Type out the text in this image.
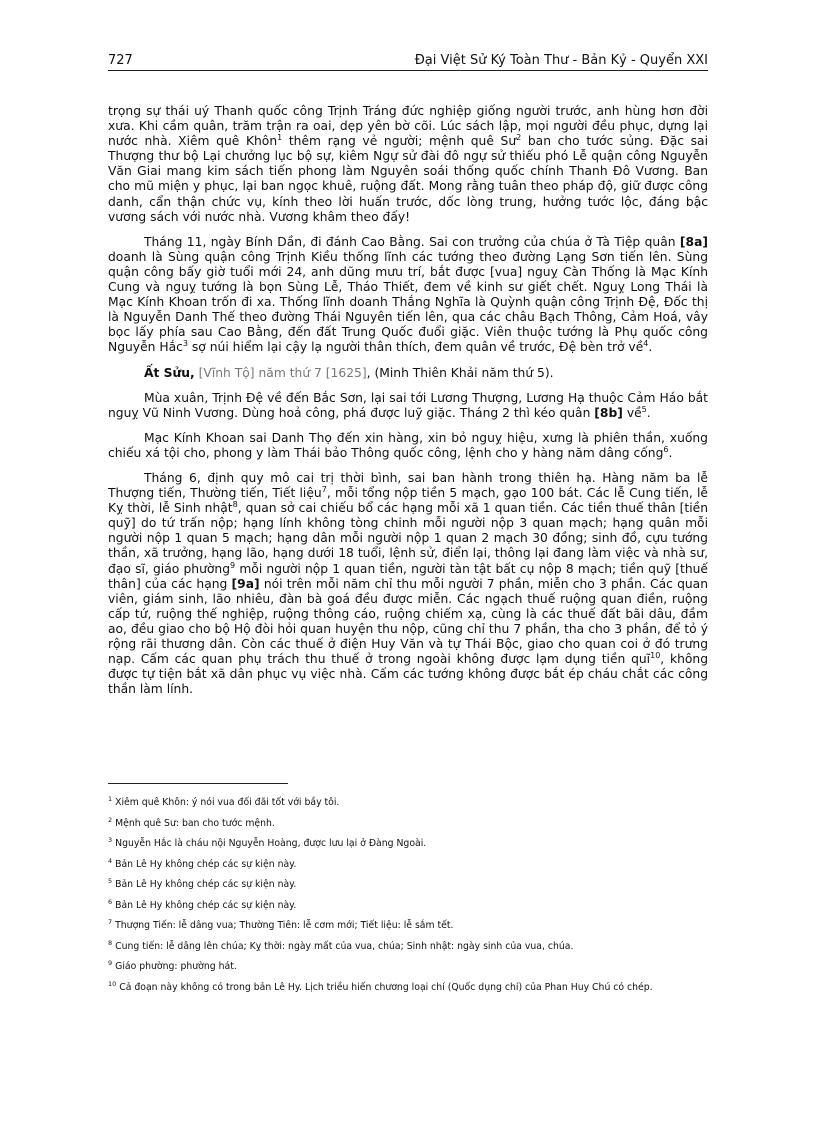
727	Đại Việt Sử Ký Toàn Thư - Bản Kỷ - Quyển XXI

trọng sự thái uý Thanh quốc công Trịnh Tráng đức nghiệp giống người trước, anh hùng hơn đời xưa. Khi cầm quân, trăm trận ra oai, dẹp yên bờ cõi. Lúc sách lập, mọi người đều phục, dựng lại nước nhà. Xiêm quê Khôn$^1$ thêm rạng vẻ người; mệnh quê $Sư^2$ ban cho tước sủng. Đặc sai Thượng thư bộ Lại chưởng lục bộ sự, kiêm Ngự sử đài đô ngự sử thiếu phó Lễ quận công Nguyễn Văn Giai mang kim sách tiến phong làm Nguyên soái thống quốc chính Thanh Đô Vương. Ban cho mũ miện y phục, lại ban ngọc khuê, ruộng đất. Mong rằng tuân theo pháp độ, giữ được công danh, cẩn thận chức vụ, kính theo lời huấn trước, dốc lòng trung, hưởng tước lộc, đáng bậc vương sách với nước nhà. Vương khâm theo đấy!

Tháng 11, ngày Bính Dần, đi đánh Cao Bằng. Sai con trưởng của chúa ở Tà Tiệp quân [8a] doanh là Sùng quận công Trịnh Kiều thống lĩnh các tướng theo đường Lạng Sơn tiến lên. Sùng quận công bấy giờ tuổi mới 24, anh dũng mưu trí, bắt được [vua] nguỵ Càn Thống là Mạc Kính Cung và nguỵ tướng là bọn Sùng Lễ, Tháo Thiết, đem về kinh sư giết chết. Nguỵ Long Thái là Mạc Kính Khoan trốn đi xa. Thống lĩnh doanh Thắng Nghĩa là Quỳnh quận công Trịnh Đệ, Đốc thị là Nguyễn Danh Thế theo đường Thái Nguyên tiến lên, qua các châu Bạch Thông, Cảm Hoá, vây bọc lấy phía sau Cao Bằng, đến đất Trung Quốc đuổi giặc. Viên thuộc tướng là Phụ quốc công Nguyễn Hắc$^3$ sợ núi hiểm lại cậy lạ người thân thích, đem quân về trước, Đệ bèn trở về$^4$.

Ất Sửu, [Vĩnh Tộ] năm thứ 7 [1625], (Minh Thiên Khải năm thứ 5).

Mùa xuân, Trịnh Đệ về đến Bắc Sơn, lại sai tới Lương Thượng, Lương Hạ thuộc Cảm Háo bắt nguỵ Vũ Ninh Vương. Dùng hoả công, phá được luỹ giặc. Tháng 2 thì kéo quân [8b] về$^5$.

Mạc Kính Khoan sai Danh Thọ đến xin hàng, xin bỏ nguỵ hiệu, xưng là phiên thần, xuống chiếu xá tội cho, phong y làm Thái bảo Thông quốc công, lệnh cho y hàng năm dâng cống$^6$.

Tháng 6, định quy mô cai trị thời bình, sai ban hành trong thiên hạ. Hàng năm ba lễ Thượng tiến, Thường tiến, Tiết liệu$^7$, mỗi tổng nộp tiền 5 mạch, gạo 100 bát. Các lễ Cung tiến, lễ Kỵ thời, lễ Sinh nhật$^8$, quan sở cai chiếu bổ các hạng mỗi xã 1 quan tiền. Các tiền thuế thân [tiền quỹ] do tứ trấn nộp; hạng lính không tòng chinh mỗi người nộp 3 quan mạch; hạng quân mỗi người nộp 1 quan 5 mạch; hạng dân mỗi người nộp 1 quan 2 mạch 30 đồng; sinh đồ, cựu tướng thần, xã trưởng, hạng lão, hạng dưới 18 tuổi, lệnh sử, điển lại, thông lại đang làm việc và nhà sư, đạo sĩ, giáo phường$^9$ mỗi người nộp 1 quan tiền, người tàn tật bất cụ nộp 8 mạch; tiền quỹ [thuế thân] của các hạng [9a] nói trên mỗi năm chỉ thu mỗi người 7 phần, miễn cho 3 phần. Các quan viên, giám sinh, lão nhiêu, đàn bà goá đều được miễn. Các ngạch thuế ruộng quan điền, ruộng cấp tứ, ruộng thế nghiệp, ruộng thông cáo, ruộng chiếm xạ, cùng là các thuế đất bãi dâu, đầm ao, đều giao cho bộ Hộ đòi hỏi quan huyện thu nộp, cũng chỉ thu 7 phần, tha cho 3 phần, để tỏ ý rộng rãi thương dân. Còn các thuế ở điện Huy Văn và tự Thái Bộc, giao cho quan coi ở đó trưng nạp. Cấm các quan phụ trách thu thuế ở trong ngoài không được lạm dụng tiền quĩ$^{10}$, không được tự tiện bắt xã dân phục vụ việc nhà. Cấm các tướng không được bắt ép cháu chắt các công thần làm lính.

$^1$ Xiêm quê Khôn: ý nói vua đối đãi tốt với bầy tôi.

$^2$ Mệnh quê Sư: ban cho tước mệnh.

$^3$ Nguyễn Hắc là cháu nội Nguyễn Hoàng, được lưu lại ở Đàng Ngoài.

$^4$ Bản Lê Hy không chép các sự kiện này.

$^5$ Bản Lê Hy không chép các sự kiện này.

$^6$ Bản Lê Hy không chép các sự kiện này.

$^7$ Thượng Tiến: lễ dâng vua; Thường Tiên: lễ cơm mới; Tiết liệu: lễ sắm tết.

$^8$ Cung tiến: lễ dâng lên chúa; Kỵ thời: ngày mất của vua, chúa; Sinh nhật: ngày sinh của vua, chúa.

$^9$ Giáo phường: phường hát.

$^{10}$ Cả đoạn này không có trong bản Lê Hy. Lịch triều hiến chương loại chí (Quốc dụng chí) của Phan Huy Chú có chép.
